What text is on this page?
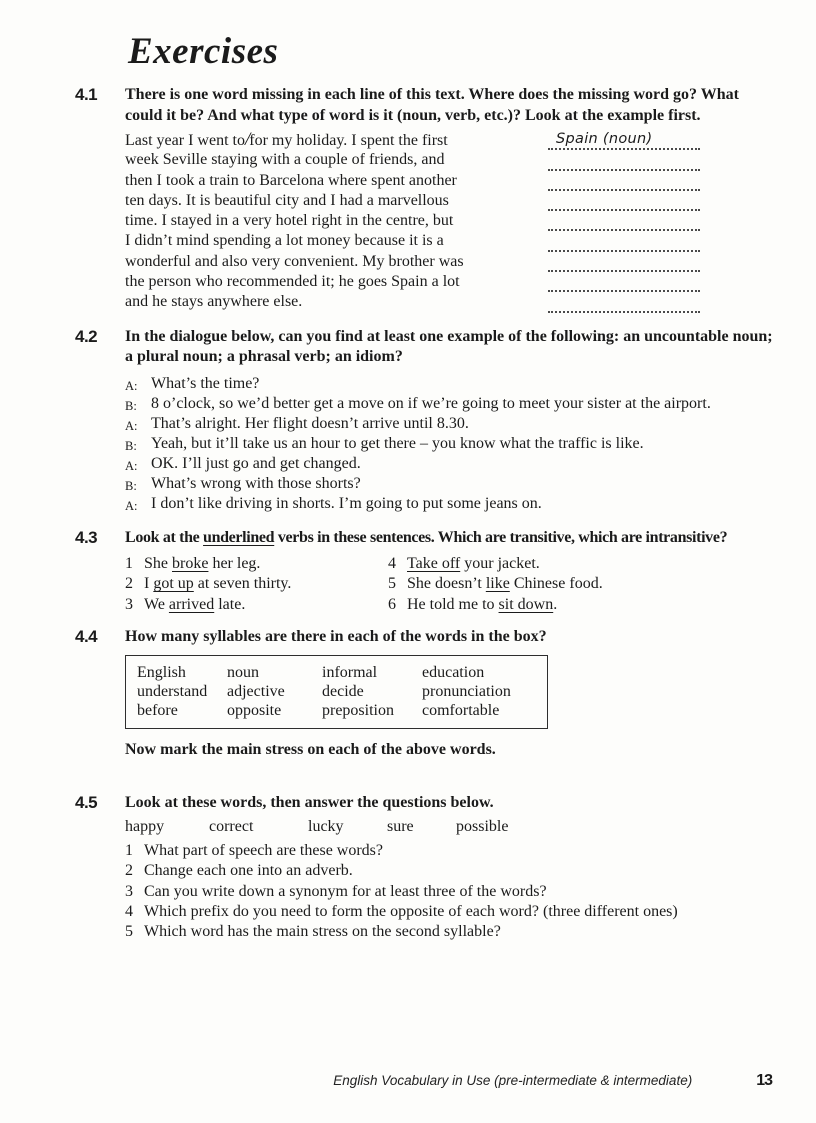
Exercises
4.1	There is one word missing in each line of this text. Where does the missing word go? What could it be? And what type of word is it (noun, verb, etc.)? Look at the example first.

Last year I went to/for my holiday. I spent the first	Spain (noun)
week Seville staying with a couple of friends, and
then I took a train to Barcelona where spent another
ten days. It is beautiful city and I had a marvellous
time. I stayed in a very hotel right in the centre, but
I didn’t mind spending a lot money because it is a
wonderful and also very convenient. My brother was
the person who recommended it; he goes Spain a lot
and he stays anywhere else.
4.2	In the dialogue below, can you find at least one example of the following: an uncountable noun; a plural noun; a phrasal verb; an idiom?

A: What’s the time?
B: 8 o’clock, so we’d better get a move on if we’re going to meet your sister at the airport.
A: That’s alright. Her flight doesn’t arrive until 8.30.
B: Yeah, but it’ll take us an hour to get there – you know what the traffic is like.
A: OK. I’ll just go and get changed.
B: What’s wrong with those shorts?
A: I don’t like driving in shorts. I’m going to put some jeans on.
4.3	Look at the underlined verbs in these sentences. Which are transitive, which are intransitive?

1 She broke her leg.
2 I got up at seven thirty.
3 We arrived late.
4 Take off your jacket.
5 She doesn’t like Chinese food.
6 He told me to sit down.
4.4	How many syllables are there in each of the words in the box?

English	noun	informal	education
understand	adjective	decide	pronunciation
before	opposite	preposition	comfortable

Now mark the main stress on each of the above words.

4.5	Look at these words, then answer the questions below.

happy	correct	lucky	sure	possible
1 What part of speech are these words?
2 Change each one into an adverb.
3 Can you write down a synonym for at least three of the words?
4 Which prefix do you need to form the opposite of each word? (three different ones)
5 Which word has the main stress on the second syllable?
English Vocabulary in Use (pre-intermediate & intermediate)	13
